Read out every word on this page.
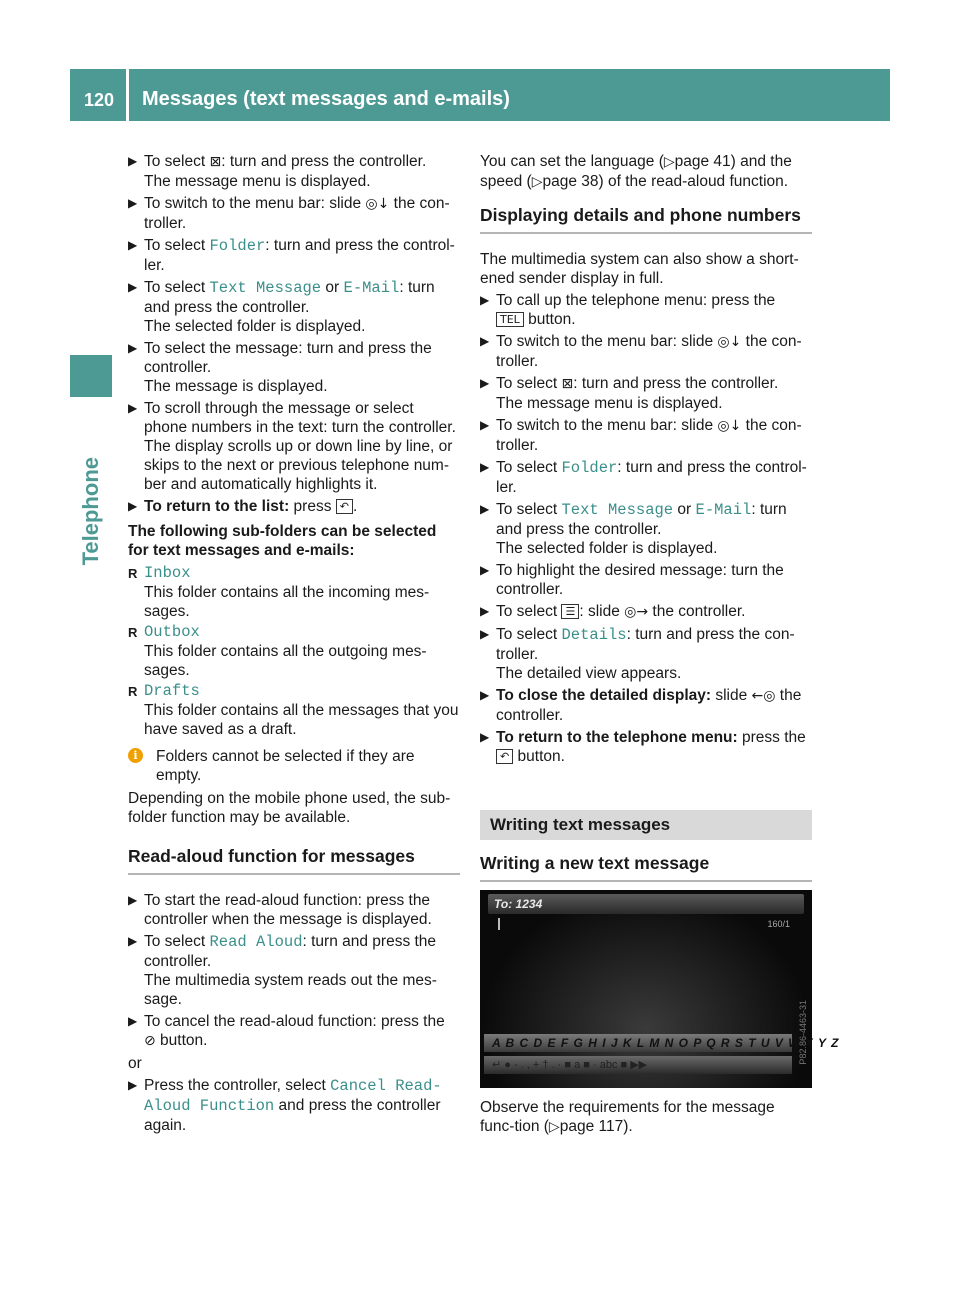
120 Messages (text messages and e-mails)
Telephone
▶ To select ⊠: turn and press the controller.
The message menu is displayed.
▶ To switch to the menu bar: slide ◎↓ the con-troller.
▶ To select Folder: turn and press the control-ler.
▶ To select Text Message or E-Mail: turn and press the controller.
The selected folder is displayed.
▶ To select the message: turn and press the controller.
The message is displayed.
▶ To scroll through the message or select phone numbers in the text: turn the controller.
The display scrolls up or down line by line, or skips to the next or previous telephone num-ber and automatically highlights it.
▶ To return to the list: press ↶ .
The following sub-folders can be selected for text messages and e-mails:
R Inbox
This folder contains all the incoming mes-sages.
R Outbox
This folder contains all the outgoing mes-sages.
R Drafts
This folder contains all the messages that you have saved as a draft.
i	Folders cannot be selected if they are empty.
Depending on the mobile phone used, the sub-folder function may be available.
Read-aloud function for messages
▶ To start the read-aloud function: press the controller when the message is displayed.
▶ To select Read Aloud: turn and press the controller.
The multimedia system reads out the mes-sage.
▶ To cancel the read-aloud function: press the ⊘ button.
or
▶ Press the controller, select Cancel Read-Aloud Function and press the controller again.
You can set the language (▷page 41) and the speed (▷page 38) of the read-aloud function.
Displaying details and phone numbers
The multimedia system can also show a short-ened sender display in full.
▶ To call up the telephone menu: press the
TEL button.
▶ To switch to the menu bar: slide ◎↓ the con-troller.
▶ To select ⊠: turn and press the controller.
The message menu is displayed.
▶ To switch to the menu bar: slide ◎↓ the con-troller.
▶ To select Folder: turn and press the control-ler.
▶ To select Text Message or E-Mail: turn and press the controller.
The selected folder is displayed.
▶ To highlight the desired message: turn the controller.
▶ To select ☰ : slide ◎→ the controller.
▶ To select Details: turn and press the con-troller.
The detailed view appears.
▶ To close the detailed display: slide ←◎ the controller.
▶ To return to the telephone menu: press the ↶ button.
Writing text messages
Writing a new text message
To: 1234
160/1
P82.86-4463-31
A B C D E F G H I J K L M N O P Q R S T U V W X Y Z
↵ ● - . , + † . · ■ a ■ · abc ■ ▶▶
Observe the requirements for the message func-tion (▷page 117).
